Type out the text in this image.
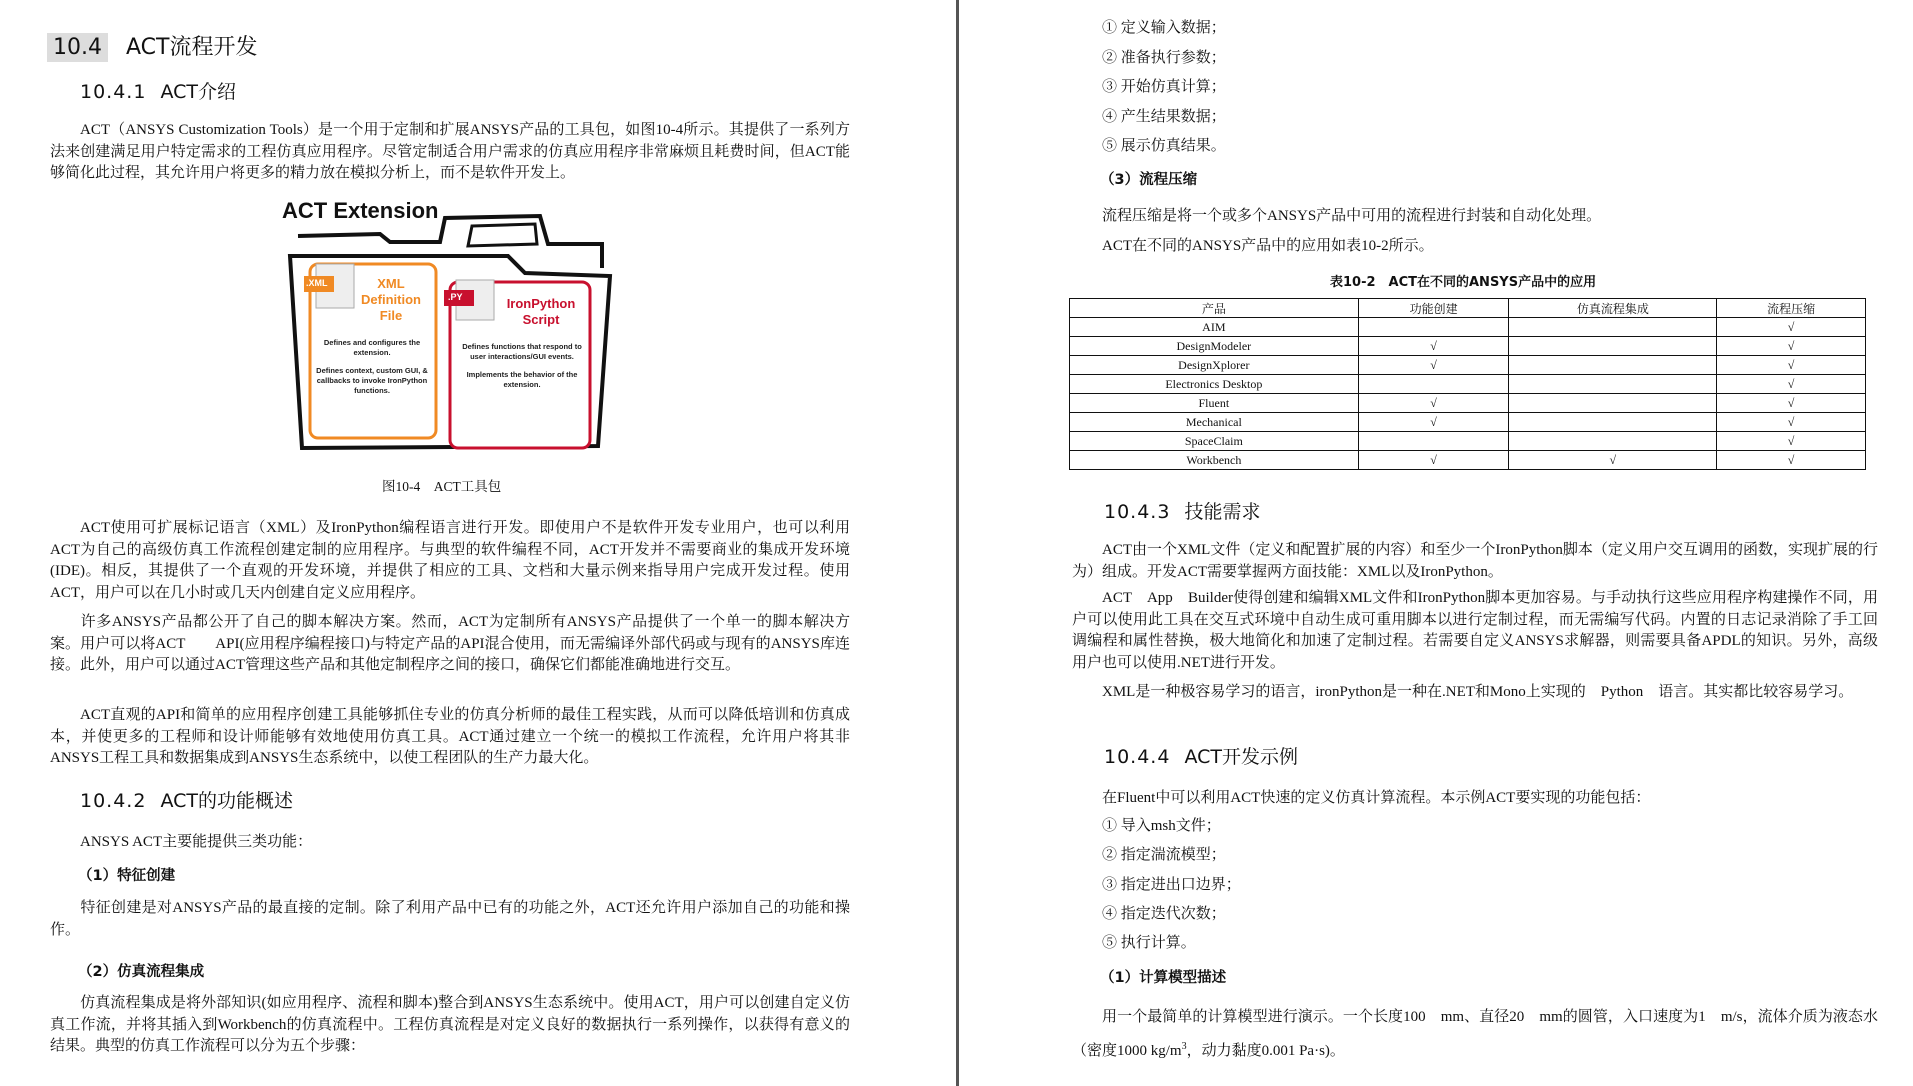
10.4 ACT流程开发
10.4.1 ACT介绍
ACT（ANSYS Customization Tools）是一个用于定制和扩展ANSYS产品的工具包，如图10-4所示。其提供了一系列方法来创建满足用户特定需求的工程仿真应用程序。尽管定制适合用户需求的仿真应用程序非常麻烦且耗费时间，但ACT能够简化此过程，其允许用户将更多的精力放在模拟分析上，而不是软件开发上。
ACT Extension
.XML	XML
Definition
File
Defines and configures the extension.
Defines context, custom GUI, & callbacks to invoke IronPython functions.
.PY	IronPython
Script
Defines functions that respond to user interactions/GUI events.
Implements the behavior of the extension.
图10-4　ACT工具包
ACT使用可扩展标记语言（XML）及IronPython编程语言进行开发。即使用户不是软件开发专业用户，也可以利用ACT为自己的高级仿真工作流程创建定制的应用程序。与典型的软件编程不同，ACT开发并不需要商业的集成开发环境(IDE)。相反，其提供了一个直观的开发环境，并提供了相应的工具、文档和大量示例来指导用户完成开发过程。使用ACT，用户可以在几小时或几天内创建自定义应用程序。
许多ANSYS产品都公开了自己的脚本解决方案。然而，ACT为定制所有ANSYS产品提供了一个单一的脚本解决方案。用户可以将ACT　　API(应用程序编程接口)与特定产品的API混合使用，而无需编译外部代码或与现有的ANSYS库连接。此外，用户可以通过ACT管理这些产品和其他定制程序之间的接口，确保它们都能准确地进行交互。
ACT直观的API和简单的应用程序创建工具能够抓住专业的仿真分析师的最佳工程实践，从而可以降低培训和仿真成本，并使更多的工程师和设计师能够有效地使用仿真工具。ACT通过建立一个统一的模拟工作流程，允许用户将其非ANSYS工程工具和数据集成到ANSYS生态系统中，以使工程团队的生产力最大化。
10.4.2 ACT的功能概述
ANSYS ACT主要能提供三类功能：
（1）特征创建
特征创建是对ANSYS产品的最直接的定制。除了利用产品中已有的功能之外，ACT还允许用户添加自己的功能和操作。
（2）仿真流程集成
仿真流程集成是将外部知识(如应用程序、流程和脚本)整合到ANSYS生态系统中。使用ACT，用户可以创建自定义仿真工作流，并将其插入到Workbench的仿真流程中。工程仿真流程是对定义良好的数据执行一系列操作，以获得有意义的结果。典型的仿真工作流程可以分为五个步骤：
① 定义输入数据；
② 准备执行参数；
③ 开始仿真计算；
④ 产生结果数据；
⑤ 展示仿真结果。
（3）流程压缩
流程压缩是将一个或多个ANSYS产品中可用的流程进行封装和自动化处理。
ACT在不同的ANSYS产品中的应用如表10-2所示。
表10-2　ACT在不同的ANSYS产品中的应用
产品	功能创建	仿真流程集成	流程压缩
AIM			√
DesignModeler	√		√
DesignXplorer	√		√
Electronics Desktop			√
Fluent	√		√
Mechanical	√		√
SpaceClaim			√
Workbench	√	√	√
10.4.3 技能需求
ACT由一个XML文件（定义和配置扩展的内容）和至少一个IronPython脚本（定义用户交互调用的函数，实现扩展的行为）组成。开发ACT需要掌握两方面技能：XML以及IronPython。
ACT　App　Builder使得创建和编辑XML文件和IronPython脚本更加容易。与手动执行这些应用程序构建操作不同，用户可以使用此工具在交互式环境中自动生成可重用脚本以进行定制过程，而无需编写代码。内置的日志记录消除了手工回调编程和属性替换，极大地简化和加速了定制过程。若需要自定义ANSYS求解器，则需要具备APDL的知识。另外，高级用户也可以使用.NET进行开发。
XML是一种极容易学习的语言，ironPython是一种在.NET和Mono上实现的　Python　语言。其实都比较容易学习。
10.4.4 ACT开发示例
在Fluent中可以利用ACT快速的定义仿真计算流程。本示例ACT要实现的功能包括：
① 导入msh文件；
② 指定湍流模型；
③ 指定进出口边界；
④ 指定迭代次数；
⑤ 执行计算。
（1）计算模型描述
用一个最简单的计算模型进行演示。一个长度100　mm、直径20　mm的圆管，入口速度为1　m/s，流体介质为液态水（密度1000 $kg/m^3$，动力黏度0.001 Pa·s)。
